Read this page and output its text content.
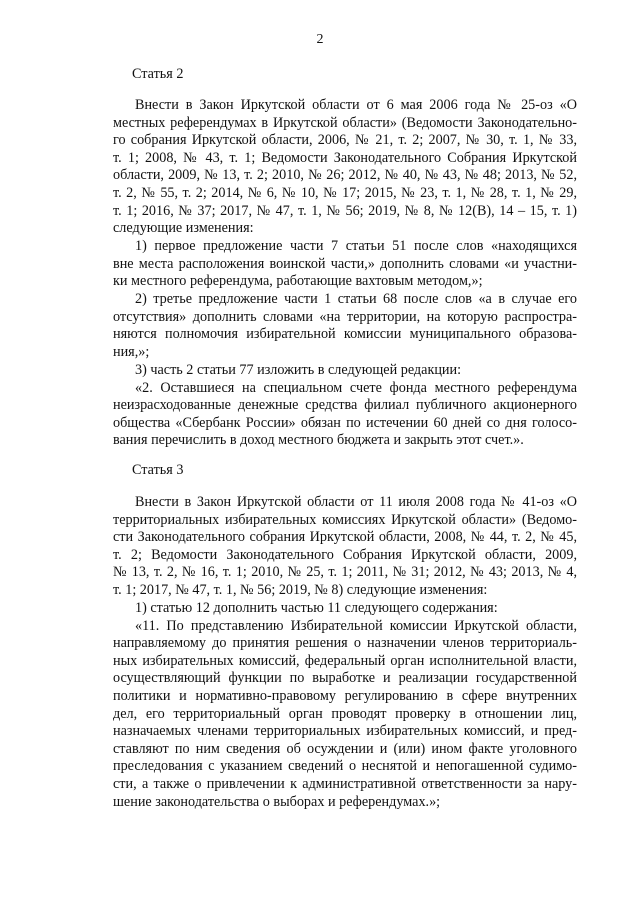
2
Статья 2
Внести в Закон Иркутской области от 6 мая 2006 года № 25-оз «О
местных референдумах в Иркутской области» (Ведомости Законодательно-
го собрания Иркутской области, 2006, № 21, т. 2; 2007, № 30, т. 1, № 33,
т. 1; 2008, № 43, т. 1; Ведомости Законодательного Собрания Иркутской
области, 2009, № 13, т. 2; 2010, № 26; 2012, № 40, № 43, № 48; 2013, № 52,
т. 2, № 55, т. 2; 2014, № 6, № 10, № 17; 2015, № 23, т. 1, № 28, т. 1, № 29,
т. 1; 2016, № 37; 2017, № 47, т. 1, № 56; 2019, № 8, № 12(В), 14 – 15, т. 1)
следующие изменения:
1) первое предложение части 7 статьи 51 после слов «находящихся
вне места расположения воинской части,» дополнить словами «и участни-
ки местного референдума, работающие вахтовым методом,»;
2) третье предложение части 1 статьи 68 после слов «а в случае его
отсутствия» дополнить словами «на территории, на которую распростра-
няются полномочия избирательной комиссии муниципального образова-
ния,»;
3) часть 2 статьи 77 изложить в следующей редакции:
«2. Оставшиеся на специальном счете фонда местного референдума
неизрасходованные денежные средства филиал публичного акционерного
общества «Сбербанк России» обязан по истечении 60 дней со дня голосо-
вания перечислить в доход местного бюджета и закрыть этот счет.».
Статья 3
Внести в Закон Иркутской области от 11 июля 2008 года № 41-оз «О
территориальных избирательных комиссиях Иркутской области» (Ведомо-
сти Законодательного собрания Иркутской области, 2008, № 44, т. 2, № 45,
т. 2; Ведомости Законодательного Собрания Иркутской области, 2009,
№ 13, т. 2, № 16, т. 1; 2010, № 25, т. 1; 2011, № 31; 2012, № 43; 2013, № 4,
т. 1; 2017, № 47, т. 1, № 56; 2019, № 8) следующие изменения:
1) статью 12 дополнить частью 11 следующего содержания:
«11. По представлению Избирательной комиссии Иркутской области,
направляемому до принятия решения о назначении членов территориаль-
ных избирательных комиссий, федеральный орган исполнительной власти,
осуществляющий функции по выработке и реализации государственной
политики и нормативно-правовому регулированию в сфере внутренних
дел, его территориальный орган проводят проверку в отношении лиц,
назначаемых членами территориальных избирательных комиссий, и пред-
ставляют по ним сведения об осуждении и (или) ином факте уголовного
преследования с указанием сведений о неснятой и непогашенной судимо-
сти, а также о привлечении к административной ответственности за нару-
шение законодательства о выборах и референдумах.»;
